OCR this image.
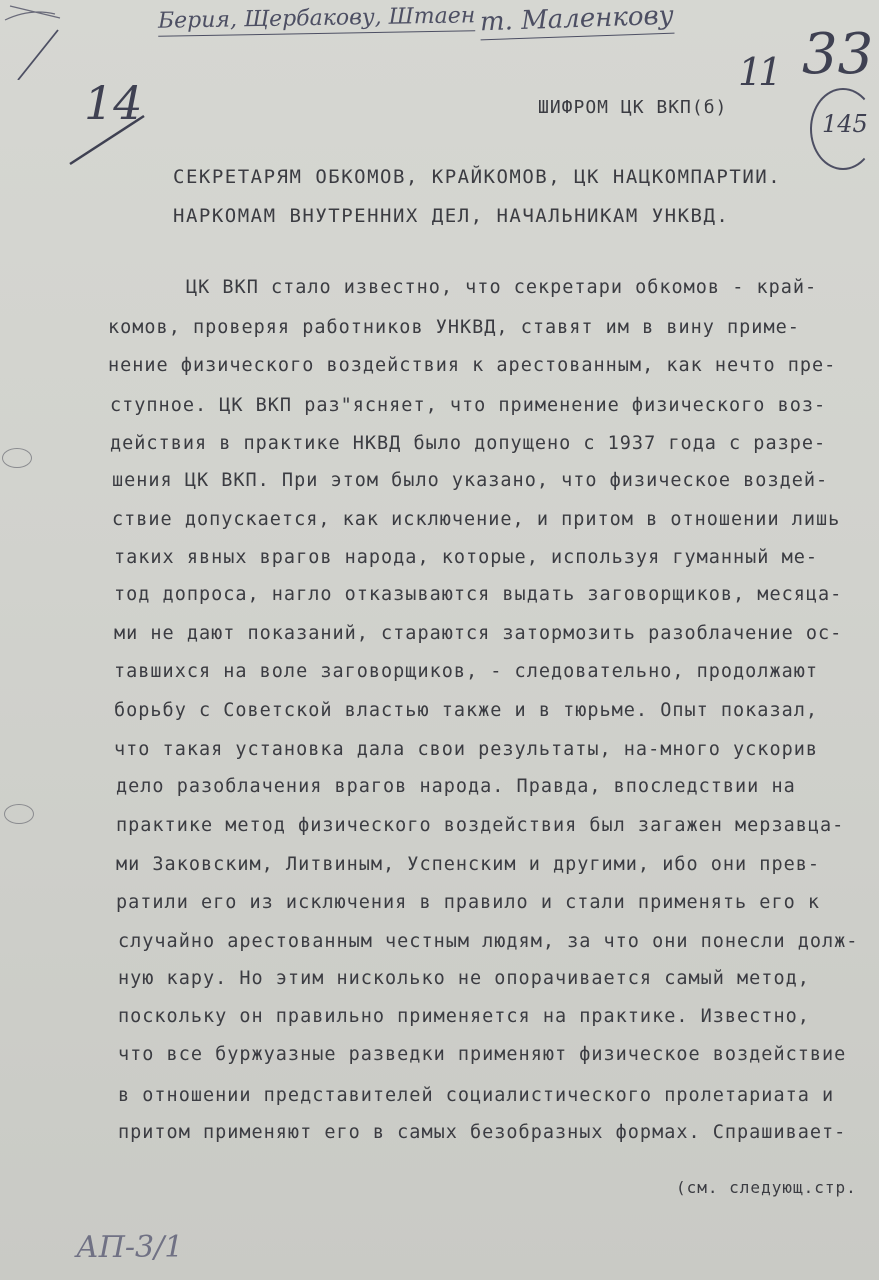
Берия, Щербакову, Штаен т. Маленкову
14
11 33
145
ШИФРОМ ЦК ВКП(б)
СЕКРЕТАРЯМ ОБКОМОВ, КРАЙКОМОВ, ЦК НАЦКОМПАРТИИ.
НАРКОМАМ ВНУТРЕННИХ ДЕЛ, НАЧАЛЬНИКАМ УНКВД.
ЦК ВКП стало известно, что секретари обкомов - край-
комов, проверяя работников УНКВД, ставят им в вину приме-
нение физического воздействия к арестованным, как нечто пре-
ступное. ЦК ВКП раз"ясняет, что применение физического воз-
действия в практике НКВД было допущено с 1937 года с разре-
шения ЦК ВКП. При этом было указано, что физическое воздей-
ствие допускается, как исключение, и притом в отношении лишь
таких явных врагов народа, которые, используя гуманный ме-
тод допроса, нагло отказываются выдать заговорщиков, месяца-
ми не дают показаний, стараются затормозить разоблачение ос-
тавшихся на воле заговорщиков, - следовательно, продолжают
борьбу с Советской властью также и в тюрьме. Опыт показал,
что такая установка дала свои результаты, на-много ускорив
дело разоблачения врагов народа. Правда, впоследствии на
практике метод физического воздействия был загажен мерзавца-
ми Заковским, Литвиным, Успенским и другими, ибо они прев-
ратили его из исключения в правило и стали применять его к
случайно арестованным честным людям, за что они понесли долж-
ную кару. Но этим нисколько не опорачивается самый метод,
поскольку он правильно применяется на практике. Известно,
что все буржуазные разведки применяют физическое воздействие
в отношении представителей социалистического пролетариата и
притом применяют его в самых безобразных формах. Спрашивает-
(см. следующ.стр.
АП-3/1
